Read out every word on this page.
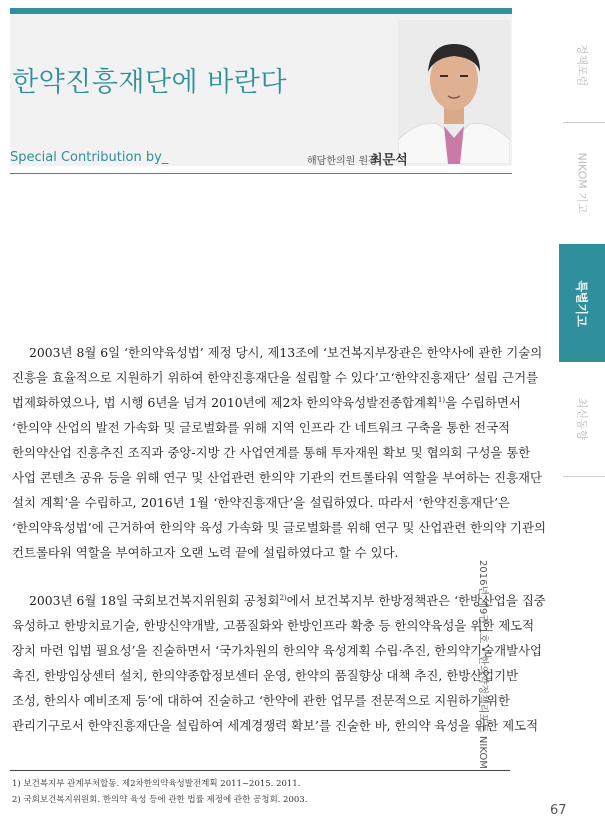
한약진흥재단에 바란다
Special Contribution by_	해담한의원 원장
최문석
2003년 8월 6일 ‘한의약육성법’ 제정 당시, 제13조에 ‘보건복지부장관은 한약사에 관한 기술의
진흥을 효율적으로 지원하기 위하여 한약진흥재단을 설립할 수 있다’고‘한약진흥재단’ 설립 근거를
법제화하였으나, 법 시행 6년을 넘겨 2010년에 제2차 한의약육성발전종합계획$^{1)}$을 수립하면서
‘한의약 산업의 발전 가속화 및 글로벌화를 위해 지역 인프라 간 네트워크 구축을 통한 전국적
한의약산업 진흥추진 조직과 중앙-지방 간 사업연계를 통해 투자재원 확보 및 협의회 구성을 통한
사업 콘텐츠 공유 등을 위해 연구 및 산업관련 한의약 기관의 컨트롤타워 역할을 부여하는 진흥재단
설치 계획’을 수립하고, 2016년 1월 ‘한약진흥재단’을 설립하였다. 따라서 ‘한약진흥재단’은
‘한의약육성법’에 근거하여 한의약 육성 가속화 및 글로벌화를 위해 연구 및 산업관련 한의약 기관의
컨트롤타워 역할을 부여하고자 오랜 노력 끝에 설립하였다고 할 수 있다.
2003년 6월 18일 국회보건복지위원회 공청회$^{2)}$에서 보건복지부 한방정책관은 ‘한방산업을 집중
육성하고 한방치료기술, 한방신약개발, 고품질화와 한방인프라 확충 등 한의약육성을 위한 제도적
장치 마련 입법 필요성’을 진술하면서 ‘국가차원의 한의약 육성계획 수립·추진, 한의약기술개발사업
촉진, 한방임상센터 설치, 한의약종합정보센터 운영, 한약의 품질향상 대책 추진, 한방산업기반
조성, 한의사 예비조제 등’에 대하여 진술하고 ‘한약에 관한 업무를 전문적으로 지원하기 위한
관리기구로서 한약진흥재단을 설립하여 세계경쟁력 확보’를 진술한 바, 한의약 육성을 위한 제도적
1) 보건복지부 관계부처합동. 제2차한의약육성발전계획 2011~2015. 2011.
2) 국회보건복지위원회. 한의약 육성 등에 관한 법률 제정에 관한 공청회. 2003.
정책포럼
NIKOM 기고
특별기고
최신동향
2016년 제9권 1호 • 한의약정책리포트 NIKOM
67
